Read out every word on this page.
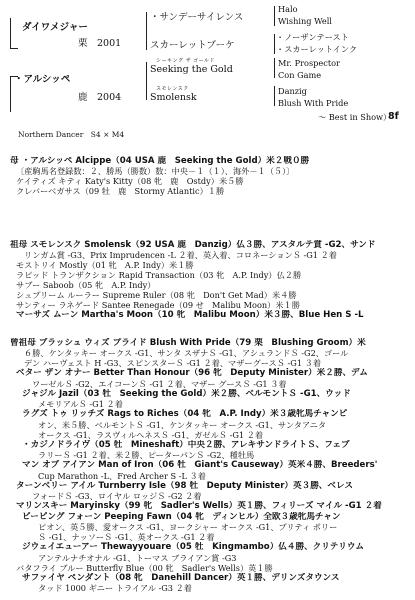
ダイワメジャー
栗　2001
・アルシッペ
鹿　2004
・サンデーサイレンス
スカーレットブーケ
シーキング ザ ゴールド
Seeking the Gold
スモレンスク
Smolensk
Halo
Wishing Well
・ノーザンテースト
・スカーレットインク
Mr. Prospector
Con Game
Danzig
Blush With Pride
～ Best in Show）
8f
Northern Dancer　S4 × M4
母 ・アルシッペ Alcippe（04 USA 鹿　Seeking the Gold）米２戦０勝
〔産駒馬名登録数：２、勝馬（勝数）数：中央－１（１）、海外－１（５）〕
ケイティズ キティ Katy's Kitty（08 牝　鹿　Ostdy）米５勝
クレバーベガサス（09 牡　鹿　Stormy Atlantic）１勝
祖母 スモレンスク Smolensk（92 USA 鹿　Danzig）仏３勝、アスタルテ賞 -G2、サンド
リンガム賞 -G3、Prix Imprudencen -L ２着、英入着、コロネーションＳ -G1 ２着
モストリイ Mostly（01 牝　A.P. Indy）米１勝
ラピッド トランザクション Rapid Transaction（03 牝　A.P. Indy）仏２勝
サブー Saboob（05 牝　A.P. Indy）
シュプリーム ルーラー Supreme Ruler（08 牝　Don't Get Mad）米４勝
サンティー ラネゲード Santee Renegade（09 せ　Malibu Moon）米１勝
マーサズ ムーン Martha's Moon（10 牝　Malibu Moon）米３勝、Blue Hen S -L
曾祖母 ブラッシュ ウィズ プライド Blush With Pride（79 栗　Blushing Groom）米
６勝、ケンタッキー オークス -G1、サンタ スザナＳ -G1、アシュランドＳ -G2、ゴール
デン ハーヴェスト H -G3、スピンスターＳ -G1 ２着、マザーグースＳ -G1 ３着
ベター ザン オナー Better Than Honour（96 牝　Deputy Minister）米２勝、デム
ワーゼルＳ -G2、エイコーンＳ -G1 ２着、マザー グースＳ -G1 ３着
ジャジル Jazil（03 牡　Seeking the Gold）米２勝、ベルモントＳ -G1、ウッド
メモリアルＳ -G1 ２着
ラグズ トゥ リッチズ Rags to Riches（04 牝　A.P. Indy）米３歳牝馬チャンピ
オン、米５勝、ベルモントＳ -G1、ケンタッキー オークス -G1、サンタアニタ
オークス -G1、ラスヴィルヘネスＳ -G1、ガゼルＳ -G1 ２着
・カジノドライヴ（05 牡　Mineshaft）中央２勝、アレキサンドライトＳ、フェブ
ラリーＳ -G1 ２着、米２勝、ピーターパンＳ -G2、種牡馬
マン オブ アイアン Man of Iron（06 牡　Giant's Causeway）英米４勝、Breeders'
Cup Marathon -L、Fred Archer S -L ３着
ターンベリー アイル Turnberry Isle（98 牡　Deputy Minister）英３勝、ベレス
フォードＳ -G3、ロイヤル ロッジＳ -G2 ２着
マリンスキー Maryinsky（99 牝　Sadler's Wells）英１勝、フィリーズ マイル -G1 ２着
ピーピング フォーン Peeping Fawn（04 牝　ディンヒル）全欧３歳牝馬チャン
ピオン、英５勝、愛オークス -G1、ヨークシャー オークス -G1、プリティ ポリー
Ｓ -G1、ナッソーＳ -G1、英オークス -G1 ２着
ジウェイエューアー Thewayyouare（05 牡　Kingmambo）仏４勝、クリテリウム
アンテルナチオナル -G1、トーマス ブライアン賞 -G3
バタフライ ブルー Butterfly Blue（00 牝　Sadler's Wells）英１勝
サファイヤ ペンダント（08 牝　Danehill Dancer）英１勝、デリンズタウンス
タッド 1000 ギニー トライアル -G3 ２着
